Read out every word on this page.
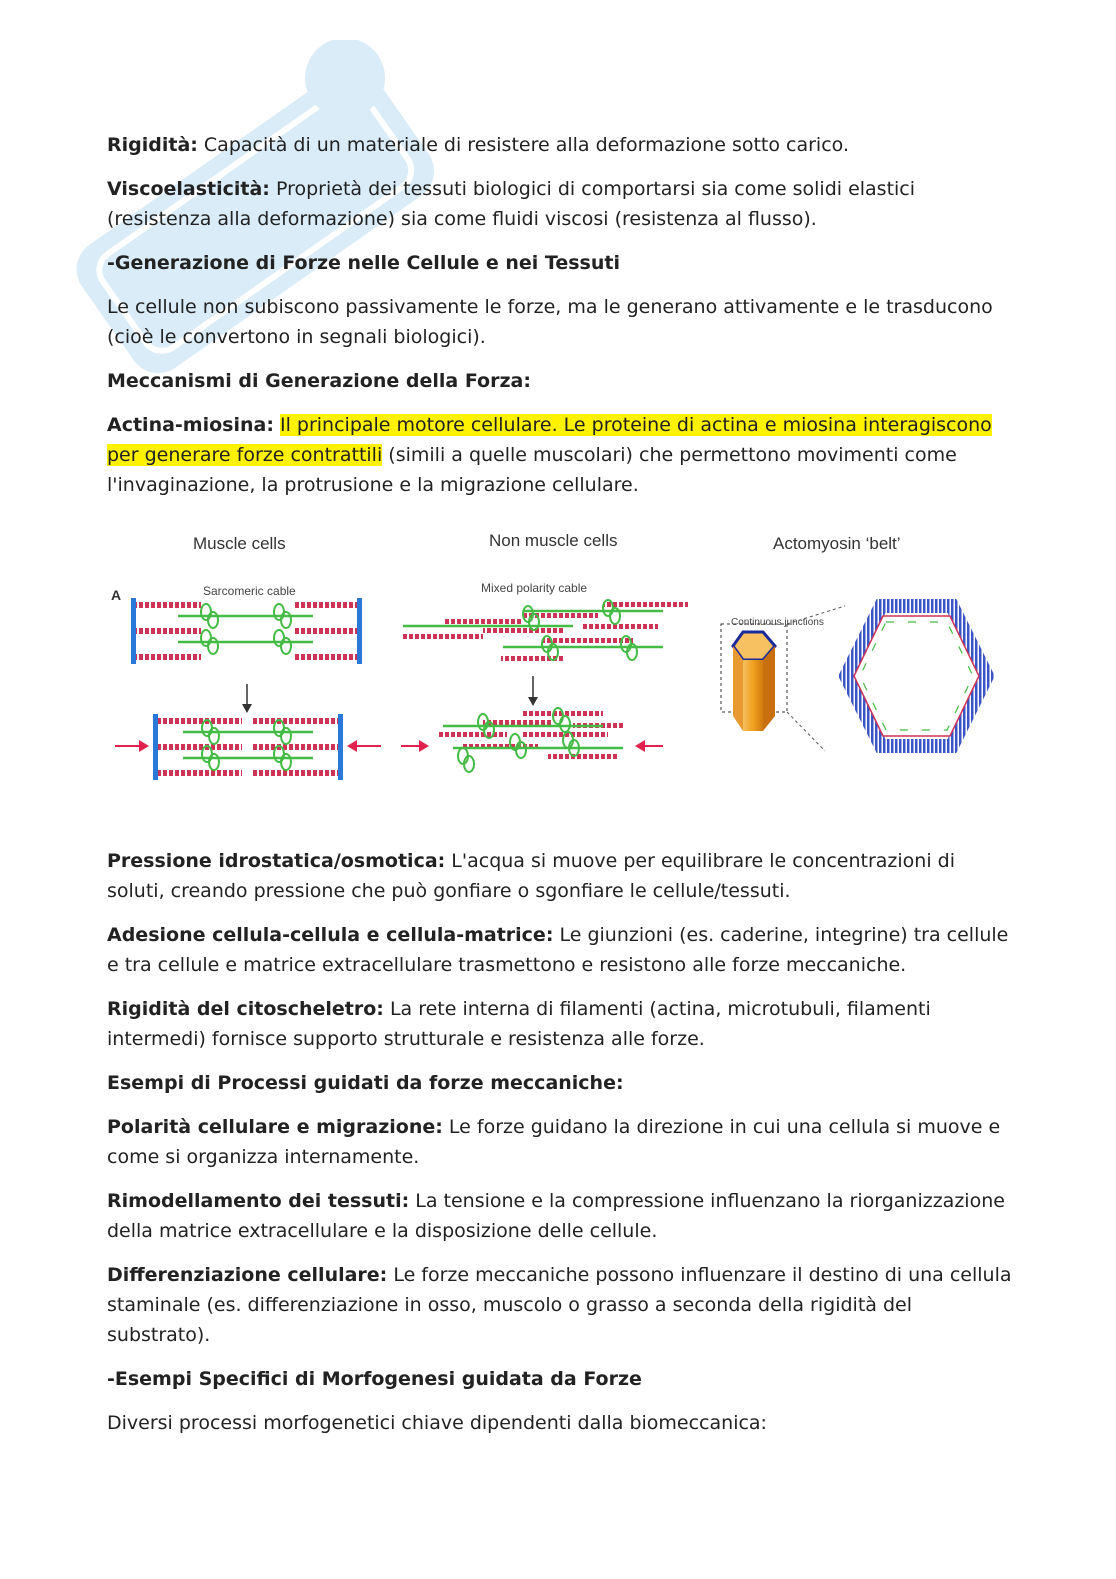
Rigidità: Capacità di un materiale di resistere alla deformazione sotto carico.

Viscoelasticità: Proprietà dei tessuti biologici di comportarsi sia come solidi elastici (resistenza alla deformazione) sia come fluidi viscosi (resistenza al flusso).

-Generazione di Forze nelle Cellule e nei Tessuti

Le cellule non subiscono passivamente le forze, ma le generano attivamente e le trasducono (cioè le convertono in segnali biologici).

Meccanismi di Generazione della Forza:

Actina-miosina: Il principale motore cellulare. Le proteine di actina e miosina interagiscono per generare forze contrattili (simili a quelle muscolari) che permettono movimenti come l'invaginazione, la protrusione e la migrazione cellulare.

A
Muscle cells	Non muscle cells	Actomyosin ‘belt’
Sarcomeric cable	Mixed polarity cable
Continuous junctions

Pressione idrostatica/osmotica: L'acqua si muove per equilibrare le concentrazioni di soluti, creando pressione che può gonfiare o sgonfiare le cellule/tessuti.

Adesione cellula-cellula e cellula-matrice: Le giunzioni (es. caderine, integrine) tra cellule e tra cellule e matrice extracellulare trasmettono e resistono alle forze meccaniche.

Rigidità del citoscheletro: La rete interna di filamenti (actina, microtubuli, filamenti intermedi) fornisce supporto strutturale e resistenza alle forze.

Esempi di Processi guidati da forze meccaniche:

Polarità cellulare e migrazione: Le forze guidano la direzione in cui una cellula si muove e come si organizza internamente.

Rimodellamento dei tessuti: La tensione e la compressione influenzano la riorganizzazione della matrice extracellulare e la disposizione delle cellule.

Differenziazione cellulare: Le forze meccaniche possono influenzare il destino di una cellula staminale (es. differenziazione in osso, muscolo o grasso a seconda della rigidità del substrato).

-Esempi Specifici di Morfogenesi guidata da Forze

Diversi processi morfogenetici chiave dipendenti dalla biomeccanica:
